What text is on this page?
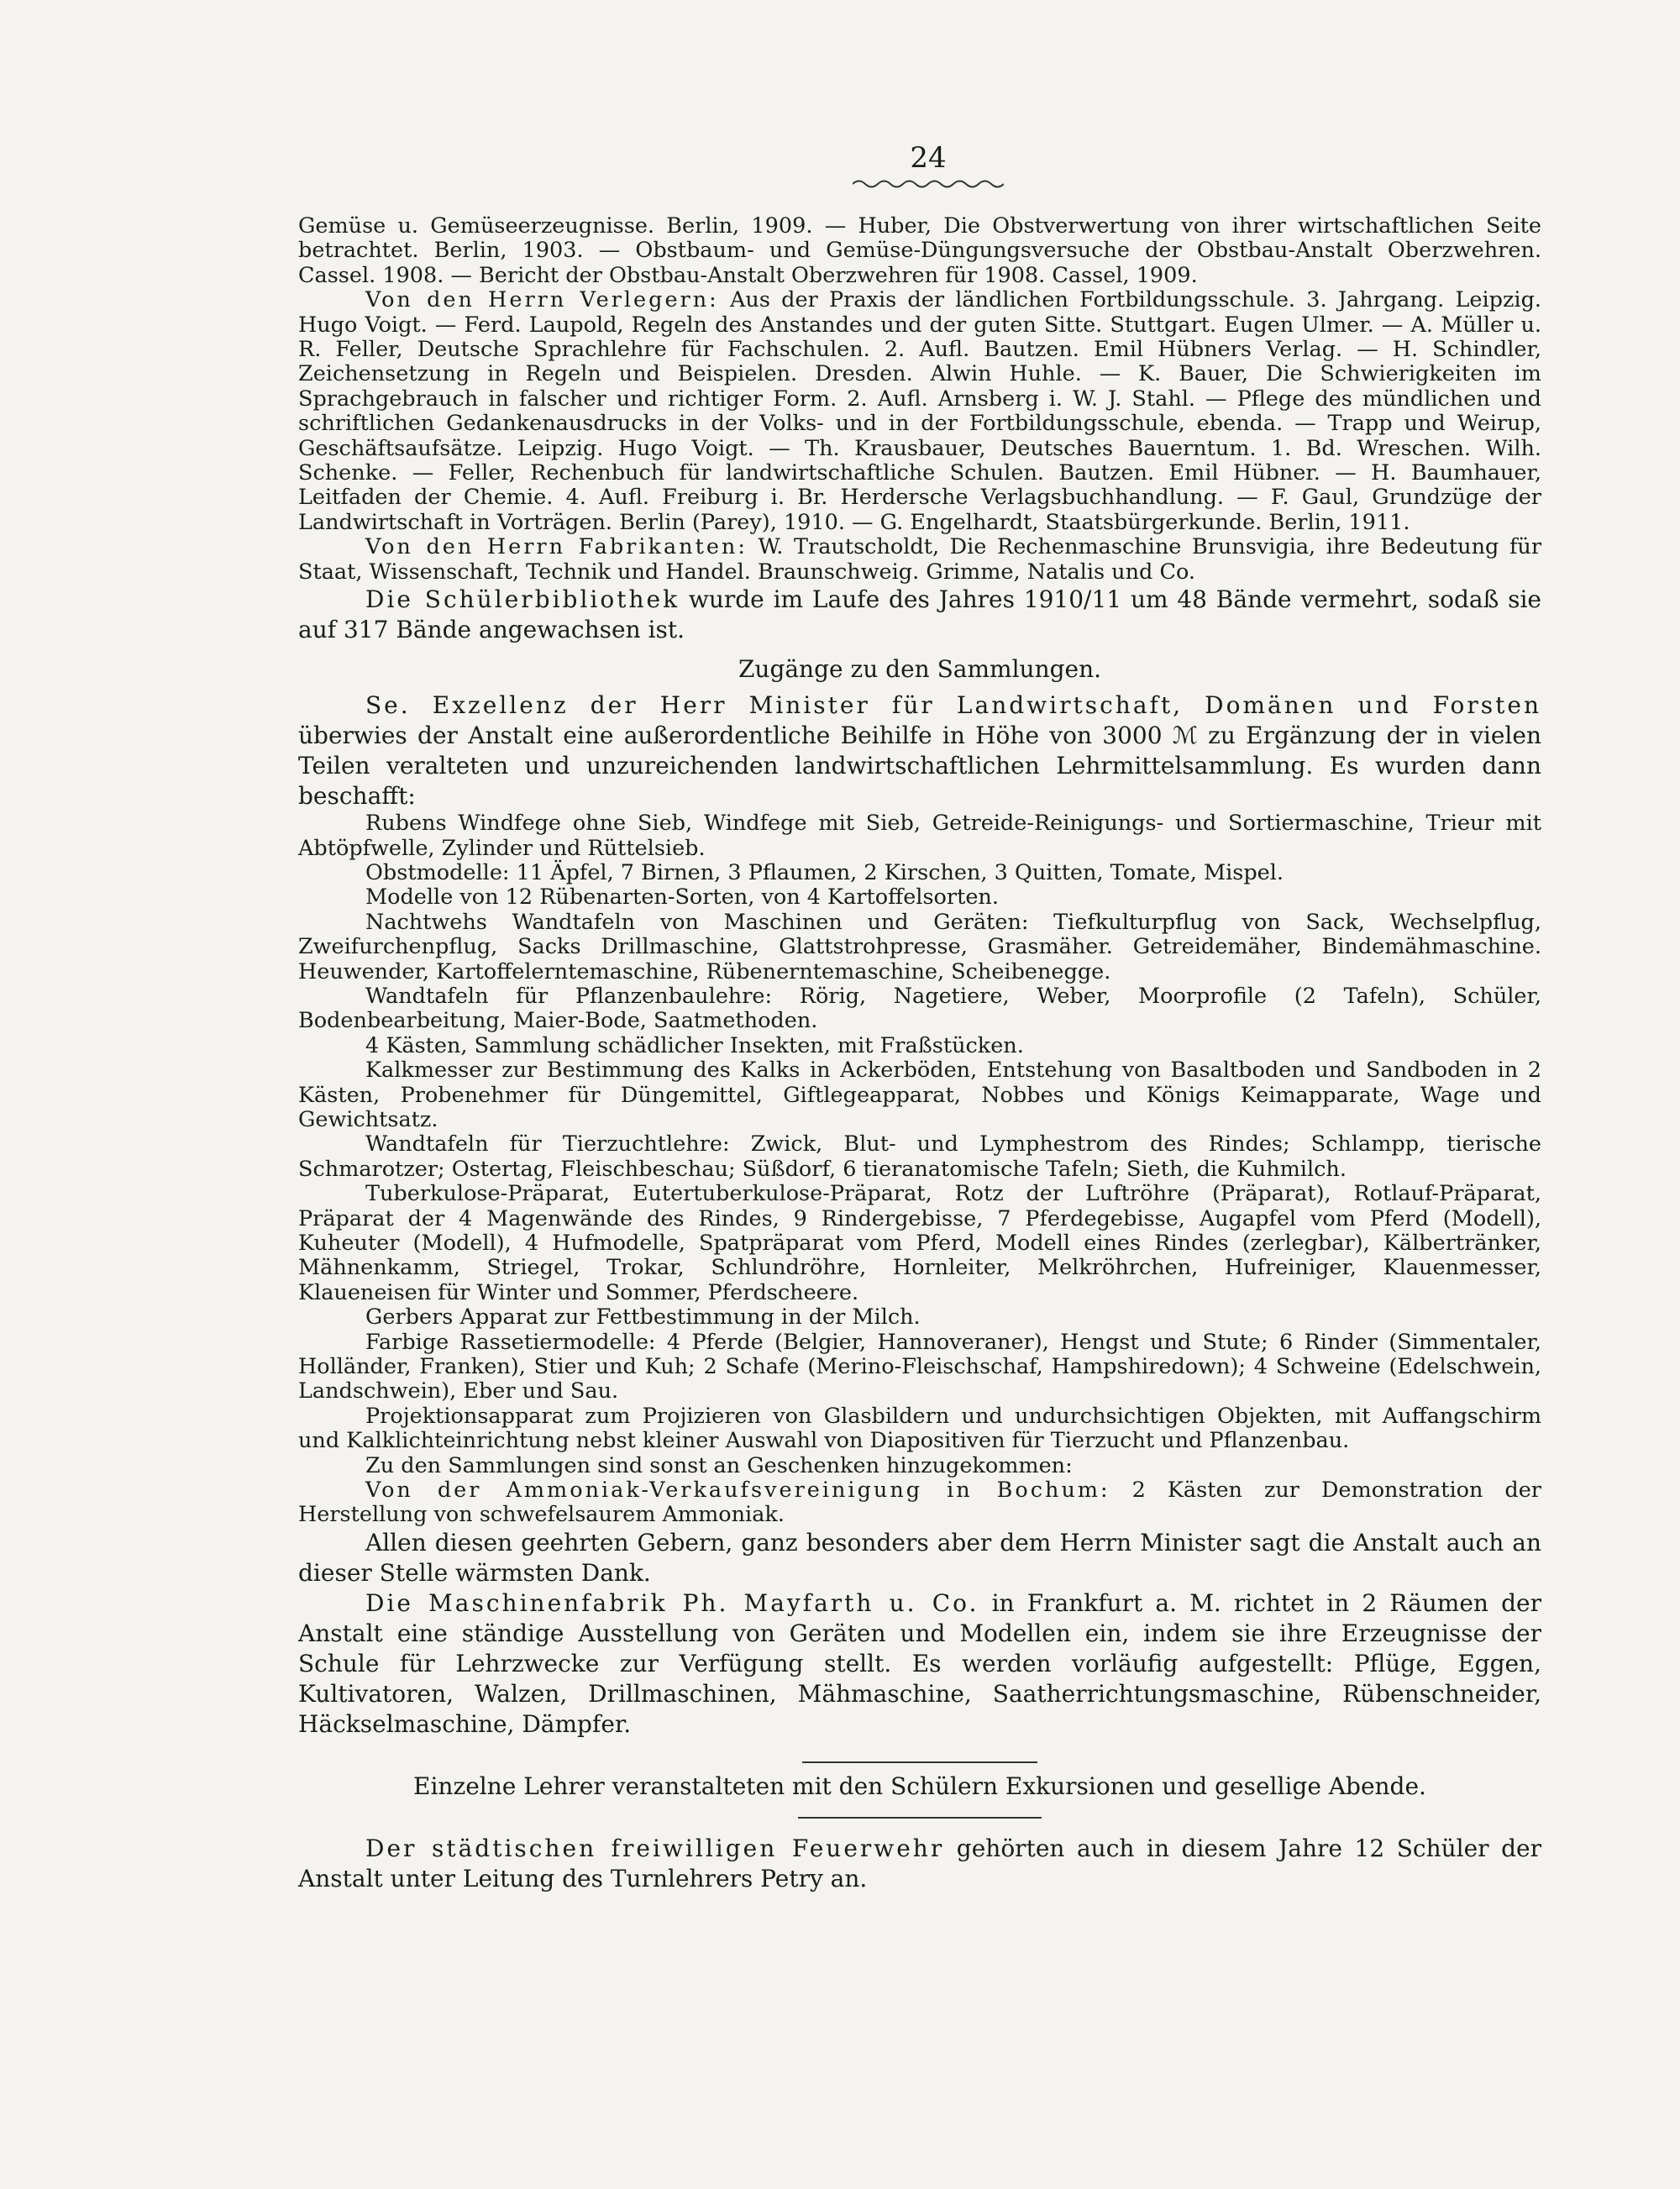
24

Gemüse u. Gemüseerzeugnisse. Berlin, 1909. — Huber, Die Obstverwertung von ihrer wirtschaftlichen Seite betrachtet. Berlin, 1903. — Obstbaum- und Gemüse-Düngungsversuche der Obstbau-Anstalt Oberzwehren. Cassel. 1908. — Bericht der Obstbau-Anstalt Oberzwehren für 1908. Cassel, 1909.

Von den Herrn Verlegern: Aus der Praxis der ländlichen Fortbildungsschule. 3. Jahrgang. Leipzig. Hugo Voigt. — Ferd. Laupold, Regeln des Anstandes und der guten Sitte. Stuttgart. Eugen Ulmer. — A. Müller u. R. Feller, Deutsche Sprachlehre für Fachschulen. 2. Aufl. Bautzen. Emil Hübners Verlag. — H. Schindler, Zeichensetzung in Regeln und Beispielen. Dresden. Alwin Huhle. — K. Bauer, Die Schwierigkeiten im Sprachgebrauch in falscher und richtiger Form. 2. Aufl. Arnsberg i. W. J. Stahl. — Pflege des mündlichen und schriftlichen Gedankenausdrucks in der Volks- und in der Fortbildungsschule, ebenda. — Trapp und Weirup, Geschäftsaufsätze. Leipzig. Hugo Voigt. — Th. Krausbauer, Deutsches Bauerntum. 1. Bd. Wreschen. Wilh. Schenke. — Feller, Rechenbuch für landwirtschaftliche Schulen. Bautzen. Emil Hübner. — H. Baumhauer, Leitfaden der Chemie. 4. Aufl. Freiburg i. Br. Herdersche Verlagsbuchhandlung. — F. Gaul, Grundzüge der Landwirtschaft in Vorträgen. Berlin (Parey), 1910. — G. Engelhardt, Staatsbürgerkunde. Berlin, 1911.

Von den Herrn Fabrikanten: W. Trautscholdt, Die Rechenmaschine Brunsvigia, ihre Bedeutung für Staat, Wissenschaft, Technik und Handel. Braunschweig. Grimme, Natalis und Co.

Die Schülerbibliothek wurde im Laufe des Jahres 1910/11 um 48 Bände vermehrt, sodaß sie auf 317 Bände angewachsen ist.

Zugänge zu den Sammlungen.

Se. Exzellenz der Herr Minister für Landwirtschaft, Domänen und Forsten überwies der Anstalt eine außerordentliche Beihilfe in Höhe von 3000 ℳ zu Ergänzung der in vielen Teilen veralteten und unzureichenden landwirtschaftlichen Lehrmittelsammlung. Es wurden dann beschafft:

Rubens Windfege ohne Sieb, Windfege mit Sieb, Getreide-Reinigungs- und Sortiermaschine, Trieur mit Abtöpfwelle, Zylinder und Rüttelsieb.

Obstmodelle: 11 Äpfel, 7 Birnen, 3 Pflaumen, 2 Kirschen, 3 Quitten, Tomate, Mispel.

Modelle von 12 Rübenarten-Sorten, von 4 Kartoffelsorten.

Nachtwehs Wandtafeln von Maschinen und Geräten: Tiefkulturpflug von Sack, Wechselpflug, Zweifurchenpflug, Sacks Drillmaschine, Glattstrohpresse, Grasmäher. Getreidemäher, Bindemähmaschine. Heuwender, Kartoffelerntemaschine, Rübenerntemaschine, Scheibenegge.

Wandtafeln für Pflanzenbaulehre: Rörig, Nagetiere, Weber, Moorprofile (2 Tafeln), Schüler, Bodenbearbeitung, Maier-Bode, Saatmethoden.

4 Kästen, Sammlung schädlicher Insekten, mit Fraßstücken.

Kalkmesser zur Bestimmung des Kalks in Ackerböden, Entstehung von Basaltboden und Sandboden in 2 Kästen, Probenehmer für Düngemittel, Giftlegeapparat, Nobbes und Königs Keimapparate, Wage und Gewichtsatz.

Wandtafeln für Tierzuchtlehre: Zwick, Blut- und Lymphestrom des Rindes; Schlampp, tierische Schmarotzer; Ostertag, Fleischbeschau; Süßdorf, 6 tieranatomische Tafeln; Sieth, die Kuhmilch.

Tuberkulose-Präparat, Eutertuberkulose-Präparat, Rotz der Luftröhre (Präparat), Rotlauf-Präparat, Präparat der 4 Magenwände des Rindes, 9 Rindergebisse, 7 Pferdegebisse, Augapfel vom Pferd (Modell), Kuheuter (Modell), 4 Hufmodelle, Spatpräparat vom Pferd, Modell eines Rindes (zerlegbar), Kälbertränker, Mähnenkamm, Striegel, Trokar, Schlundröhre, Hornleiter, Melkröhrchen, Hufreiniger, Klauenmesser, Klaueneisen für Winter und Sommer, Pferdscheere.

Gerbers Apparat zur Fettbestimmung in der Milch.

Farbige Rassetiermodelle: 4 Pferde (Belgier, Hannoveraner), Hengst und Stute; 6 Rinder (Simmentaler, Holländer, Franken), Stier und Kuh; 2 Schafe (Merino-Fleischschaf, Hampshiredown); 4 Schweine (Edelschwein, Landschwein), Eber und Sau.

Projektionsapparat zum Projizieren von Glasbildern und undurchsichtigen Objekten, mit Auffangschirm und Kalklichteinrichtung nebst kleiner Auswahl von Diapositiven für Tierzucht und Pflanzenbau.

Zu den Sammlungen sind sonst an Geschenken hinzugekommen:

Von der Ammoniak-Verkaufsvereinigung in Bochum: 2 Kästen zur Demonstration der Herstellung von schwefelsaurem Ammoniak.

Allen diesen geehrten Gebern, ganz besonders aber dem Herrn Minister sagt die Anstalt auch an dieser Stelle wärmsten Dank.

Die Maschinenfabrik Ph. Mayfarth u. Co. in Frankfurt a. M. richtet in 2 Räumen der Anstalt eine ständige Ausstellung von Geräten und Modellen ein, indem sie ihre Erzeugnisse der Schule für Lehrzwecke zur Verfügung stellt. Es werden vorläufig aufgestellt: Pflüge, Eggen, Kultivatoren, Walzen, Drillmaschinen, Mähmaschine, Saatherrichtungsmaschine, Rübenschneider, Häckselmaschine, Dämpfer.

Einzelne Lehrer veranstalteten mit den Schülern Exkursionen und gesellige Abende.

Der städtischen freiwilligen Feuerwehr gehörten auch in diesem Jahre 12 Schüler der Anstalt unter Leitung des Turnlehrers Petry an.
